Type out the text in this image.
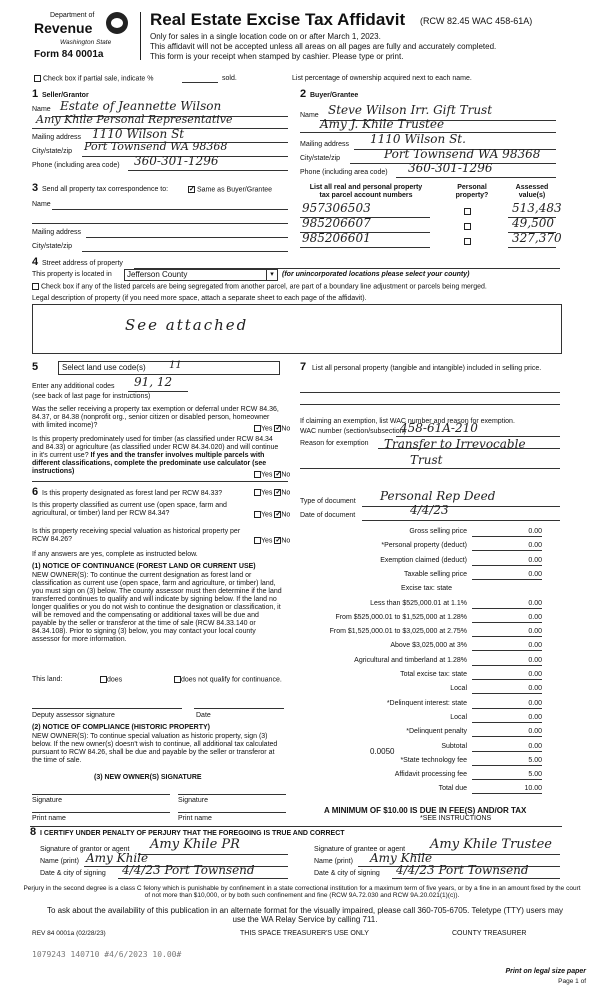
Department of
Revenue
Washington State
Form 84 0001a
Real Estate Excise Tax Affidavit (RCW 82.45 WAC 458-61A)
Only for sales in a single location code on or after March 1, 2023.
This affidavit will not be accepted unless all areas on all pages are fully and accurately completed.
This form is your receipt when stamped by cashier. Please type or print.
Check box if partial sale, indicate %	sold.	List percentage of ownership acquired next to each name.
1 Seller/Grantor
Name Estate of Jeannette Wilson
Amy Khile Personal Representative
Mailing address 1110 Wilson St
City/state/zip Port Townsend WA 98368
Phone (including area code) 360-301-1296
2 Buyer/Grantee
Name Steve Wilson Irr. Gift Trust
Amy J. Khile Trustee
Mailing address 1110 Wilson St.
City/state/zip	Port Townsend WA 98368
Phone (including area code) 360-301-1296
3 Send all property tax correspondence to:	✓ Same as Buyer/Grantee
Name
Mailing address
City/state/zip
List all real and personal property tax parcel account numbers
Personal property?
Assessed value(s)
957306503	513,483
985206607	49,500
985206601	327,370
4 Street address of property
This property is located in Jefferson County	▾	(for unincorporated locations please select your county)
Check box if any of the listed parcels are being segregated from another parcel, are part of a boundary line adjustment or parcels being merged.
Legal description of property (if you need more space, attach a separate sheet to each page of the affidavit).
See attached
5	Select land use code(s) 11
Enter any additional codes 91, 12
(see back of last page for instructions)
Was the seller receiving a property tax exemption or deferral under RCW 84.36, 84.37, or 84.38 (nonprofit org., senior citizen or disabled person, homeowner with limited income)?	Yes ✓No
Is this property predominately used for timber (as classified under RCW 84.34 and 84.33) or agriculture (as classified under RCW 84.34.020) and will continue in it's current use? If yes and the transfer involves multiple parcels with different classifications, complete the predominate use calculator (see instructions)	Yes ✓No
6 Is this property designated as forest land per RCW 84.33?	Yes ✓No
Is this property classified as current use (open space, farm and agricultural, or timber) land per RCW 84.34?	Yes ✓No
Is this property receiving special valuation as historical property per RCW 84.26?	Yes ✓No
If any answers are yes, complete as instructed below.
(1) NOTICE OF CONTINUANCE (FOREST LAND OR CURRENT USE)
NEW OWNER(S): To continue the current designation as forest land or classification as current use (open space, farm and agriculture, or timber) land, you must sign on (3) below. The county assessor must then determine if the land transferred continues to qualify and will indicate by signing below. If the land no longer qualifies or you do not wish to continue the designation or classification, it will be removed and the compensating or additional taxes will be due and payable by the seller or transferor at the time of sale (RCW 84.33.140 or 84.34.108). Prior to signing (3) below, you may contact your local county assessor for more information.
This land:	does	does not qualify for continuance.
Deputy assessor signature	Date
(2) NOTICE OF COMPLIANCE (HISTORIC PROPERTY)
NEW OWNER(S): To continue special valuation as historic property, sign (3) below. If the new owner(s) doesn't wish to continue, all additional tax calculated pursuant to RCW 84.26, shall be due and payable by the seller or transferor at the time of sale.
(3) NEW OWNER(S) SIGNATURE
Signature	Signature
Print name	Print name
7 List all personal property (tangible and intangible) included in selling price.
If claiming an exemption, list WAC number and reason for exemption.
WAC number (section/subsection)
458-61A-210
Reason for exemption Transfer to Irrevocable
Trust
Type of document Personal Rep Deed
Date of document	4/4/23
Gross selling price	0.00
*Personal property (deduct)	0.00
Exemption claimed (deduct)	0.00
Taxable selling price	0.00
Excise tax: state
Less than $525,000.01 at 1.1%	0.00
From $525,000.01 to $1,525,000 at 1.28%	0.00
From $1,525,000.01 to $3,025,000 at 2.75%	0.00
Above $3,025,000 at 3%	0.00
Agricultural and timberland at 1.28%	0.00
Total excise tax: state	0.00
Local	0.00
*Delinquent interest: state	0.00
Local	0.00
*Delinquent penalty	0.00
Subtotal	0.00
*State technology fee	5.00
Affidavit processing fee	5.00
Total due	10.00
0.0050
A MINIMUM OF $10.00 IS DUE IN FEE(S) AND/OR TAX
*SEE INSTRUCTIONS
8 I CERTIFY UNDER PENALTY OF PERJURY THAT THE FOREGOING IS TRUE AND CORRECT
Signature of grantor or agent Amy Khile PR
Name (print) Amy Khile
Date & city of signing 4/4/23 Port Townsend
Signature of grantee or agent Amy Khile Trustee
Name (print) Amy Khile
Date & city of signing 4/4/23 Port Townsend
Perjury in the second degree is a class C felony which is punishable by confinement in a state correctional institution for a maximum term of five years, or by a fine in an amount fixed by the court of not more than $10,000, or by both such confinement and fine (RCW 9A.72.030 and RCW 9A.20.021(1)(c)).
To ask about the availability of this publication in an alternate format for the visually impaired, please call 360-705-6705. Teletype (TTY) users may use the WA Relay Service by calling 711.
REV 84 0001a (02/28/23)	THIS SPACE TREASURER'S USE ONLY	COUNTY TREASURER
1079243 140710 #4/6/2023 10.00#
Print on legal size paper
Page 1 of
